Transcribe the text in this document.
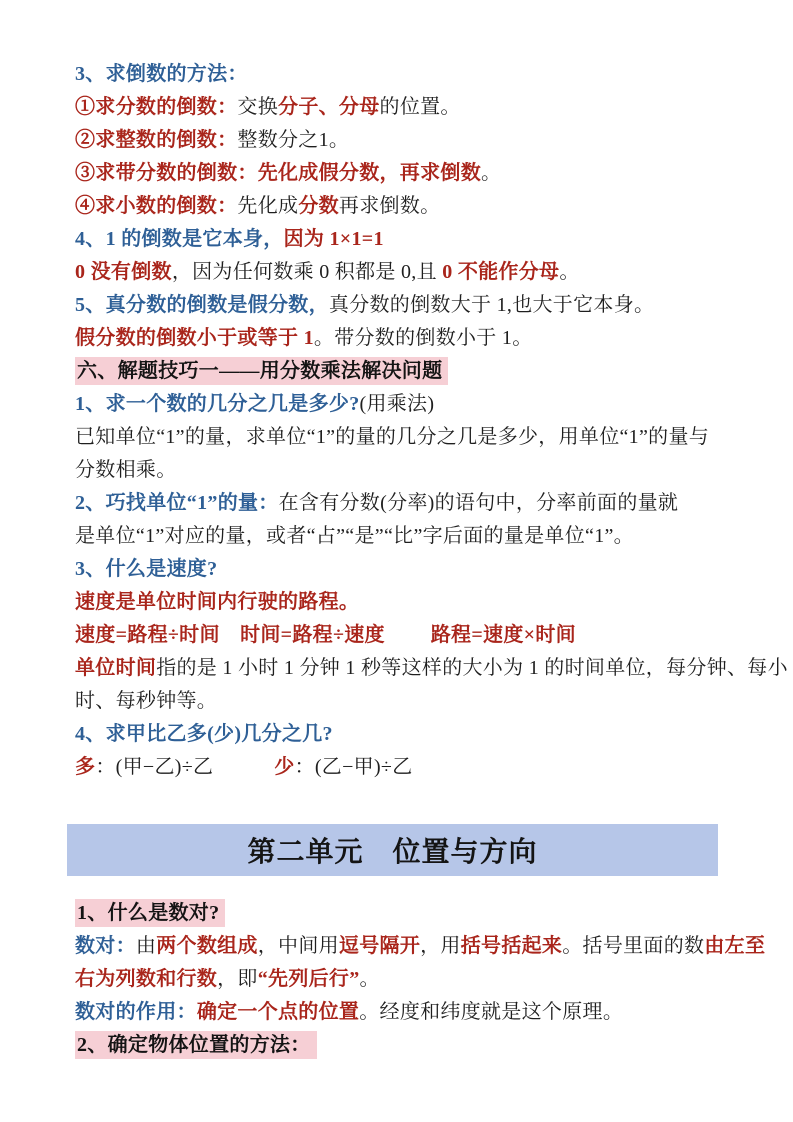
3、求倒数的方法：
①求分数的倒数：交换分子、分母的位置。
②求整数的倒数：整数分之1。
③求带分数的倒数：先化成假分数，再求倒数。
④求小数的倒数：先化成分数再求倒数。
4、1 的倒数是它本身，因为 1×1=1
0 没有倒数，因为任何数乘 0 积都是 0,且 0 不能作分母。
5、真分数的倒数是假分数，真分数的倒数大于 1,也大于它本身。
假分数的倒数小于或等于 1。带分数的倒数小于 1。
六、解题技巧一——用分数乘法解决问题
1、求一个数的几分之几是多少?(用乘法)
已知单位“1”的量，求单位“1”的量的几分之几是多少，用单位“1”的量与
分数相乘。
2、巧找单位“1”的量：在含有分数(分率)的语句中，分率前面的量就
是单位“1”对应的量，或者“占”“是”“比”字后面的量是单位“1”。
3、什么是速度?
速度是单位时间内行驶的路程。
速度=路程÷时间　时间=路程÷速度　　 路程=速度×时间
单位时间指的是 1 小时 1 分钟 1 秒等这样的大小为 1 的时间单位，每分钟、每小
时、每秒钟等。
4、求甲比乙多(少)几分之几?
多：(甲−乙)÷乙　　　少：(乙−甲)÷乙
第二单元　位置与方向
1、什么是数对?
数对：由两个数组成，中间用逗号隔开，用括号括起来。括号里面的数由左至
右为列数和行数，即“先列后行”。
数对的作用：确定一个点的位置。经度和纬度就是这个原理。
2、确定物体位置的方法：
